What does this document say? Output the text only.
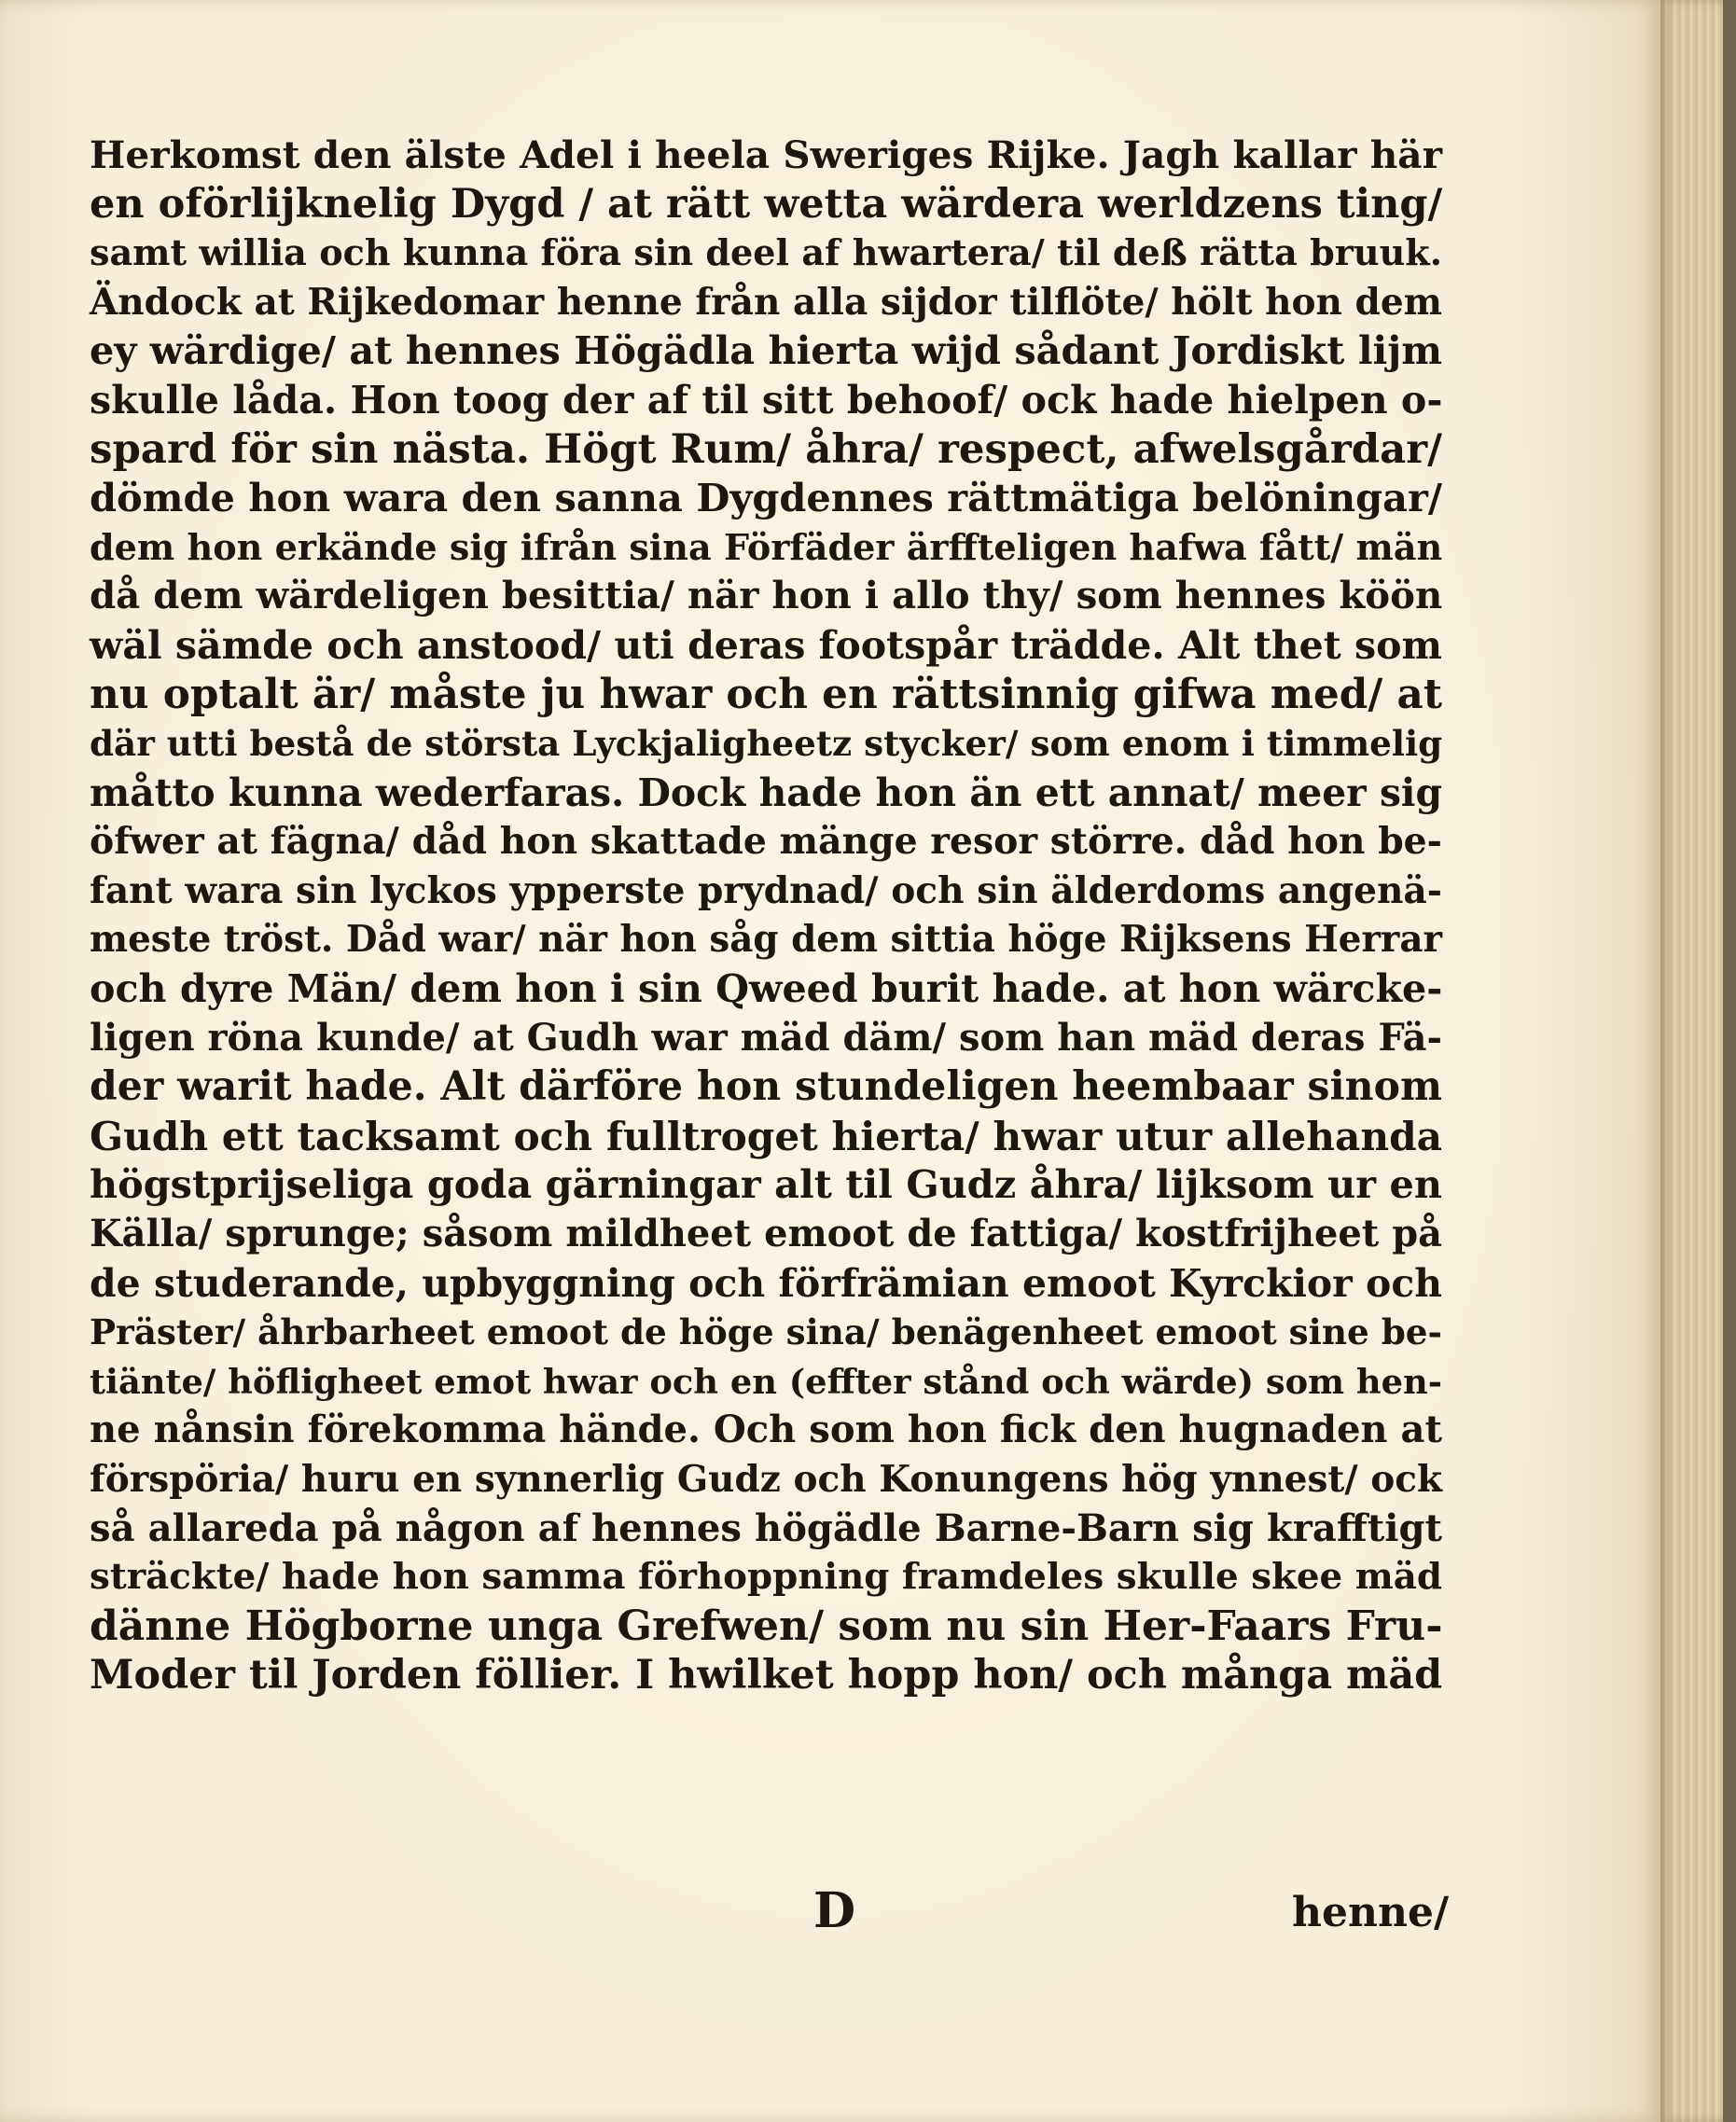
Herkomst den älste Adel i heela Sweriges Rijke. Jagh kallar här
en oförlijknelig Dygd / at rätt wetta wärdera werldzens ting/
samt willia och kunna föra sin deel af hwartera/ til deß rätta bruuk.
Ändock at Rijkedomar henne från alla sijdor tilflöte/ hölt hon dem
ey wärdige/ at hennes Högädla hierta wijd sådant Jordiskt lijm
skulle låda. Hon toog der af til sitt behoof/ ock hade hielpen o-
spard för sin nästa. Högt Rum/ åhra/ respect, afwelsgårdar/
dömde hon wara den sanna Dygdennes rättmätiga belöningar/
dem hon erkände sig ifrån sina Förfäder ärffteligen hafwa fått/ män
då dem wärdeligen besittia/ när hon i allo thy/ som hennes köön
wäl sämde och anstood/ uti deras footspår trädde. Alt thet som
nu optalt är/ måste ju hwar och en rättsinnig gifwa med/ at
där utti bestå de största Lyckjaligheetz stycker/ som enom i timmelig
måtto kunna wederfaras. Dock hade hon än ett annat/ meer sig
öfwer at fägna/ dåd hon skattade mänge resor större. dåd hon be-
fant wara sin lyckos ypperste prydnad/ och sin älderdoms angenä-
meste tröst. Dåd war/ när hon såg dem sittia höge Rijksens Herrar
och dyre Män/ dem hon i sin Qweed burit hade. at hon wärcke-
ligen röna kunde/ at Gudh war mäd däm/ som han mäd deras Fä-
der warit hade. Alt därföre hon stundeligen heembaar sinom
Gudh ett tacksamt och fulltroget hierta/ hwar utur allehanda
högstprijseliga goda gärningar alt til Gudz åhra/ lijksom ur en
Källa/ sprunge; såsom mildheet emoot de fattiga/ kostfrijheet på
de studerande, upbyggning och förfrämian emoot Kyrckior och
Präster/ åhrbarheet emoot de höge sina/ benägenheet emoot sine be-
tiänte/ höfligheet emot hwar och en (effter stånd och wärde) som hen-
ne nånsin förekomma hände. Och som hon fick den hugnaden at
förspöria/ huru en synnerlig Gudz och Konungens hög ynnest/ ock
så allareda på någon af hennes högädle Barne-Barn sig krafftigt
sträckte/ hade hon samma förhoppning framdeles skulle skee mäd
dänne Högborne unga Grefwen/ som nu sin Her-Faars Fru-
Moder til Jorden föllier. I hwilket hopp hon/ och många mäd
D	henne/
